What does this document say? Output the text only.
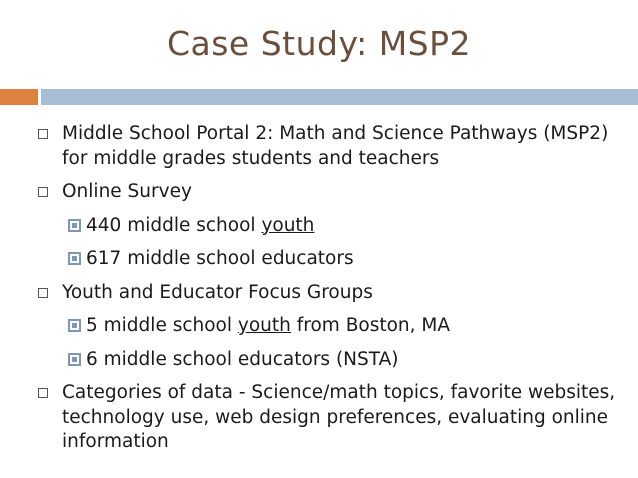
Case Study: MSP2
Middle School Portal 2: Math and Science Pathways (MSP2) for middle grades students and teachers
Online Survey
440 middle school youth
617 middle school educators
Youth and Educator Focus Groups
5 middle school youth from Boston, MA
6 middle school educators (NSTA)
Categories of data - Science/math topics, favorite websites, technology use, web design preferences, evaluating online information
